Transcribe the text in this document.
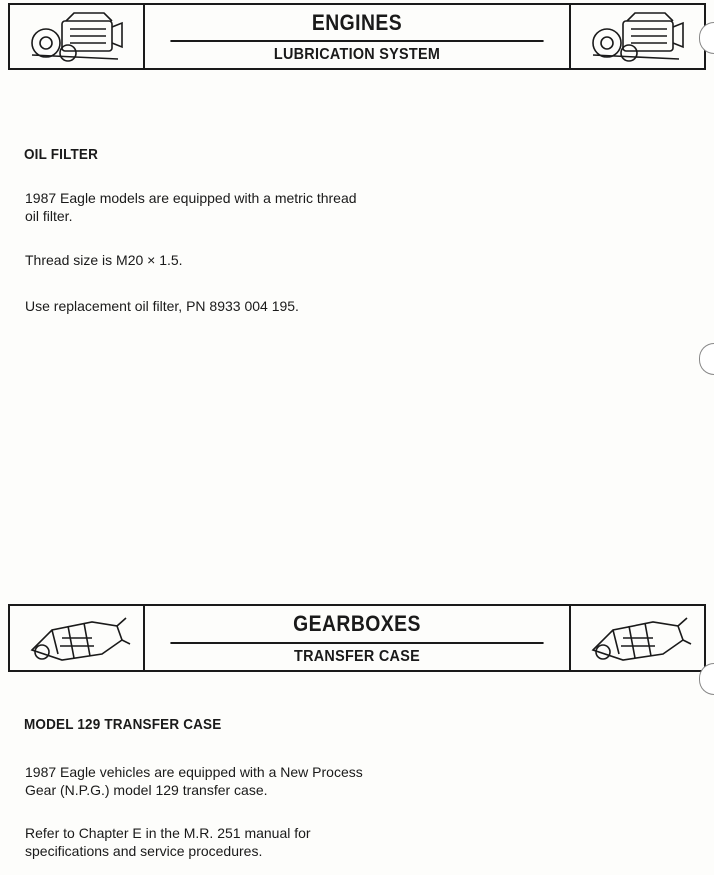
ENGINES
LUBRICATION SYSTEM
OIL FILTER
1987 Eagle models are equipped with a metric thread oil filter.
Thread size is M20 × 1.5.
Use replacement oil filter, PN 8933 004 195.
GEARBOXES
TRANSFER CASE
MODEL 129 TRANSFER CASE
1987 Eagle vehicles are equipped with a New Process Gear (N.P.G.) model 129 transfer case.
Refer to Chapter E in the M.R. 251 manual for specifications and service procedures.
